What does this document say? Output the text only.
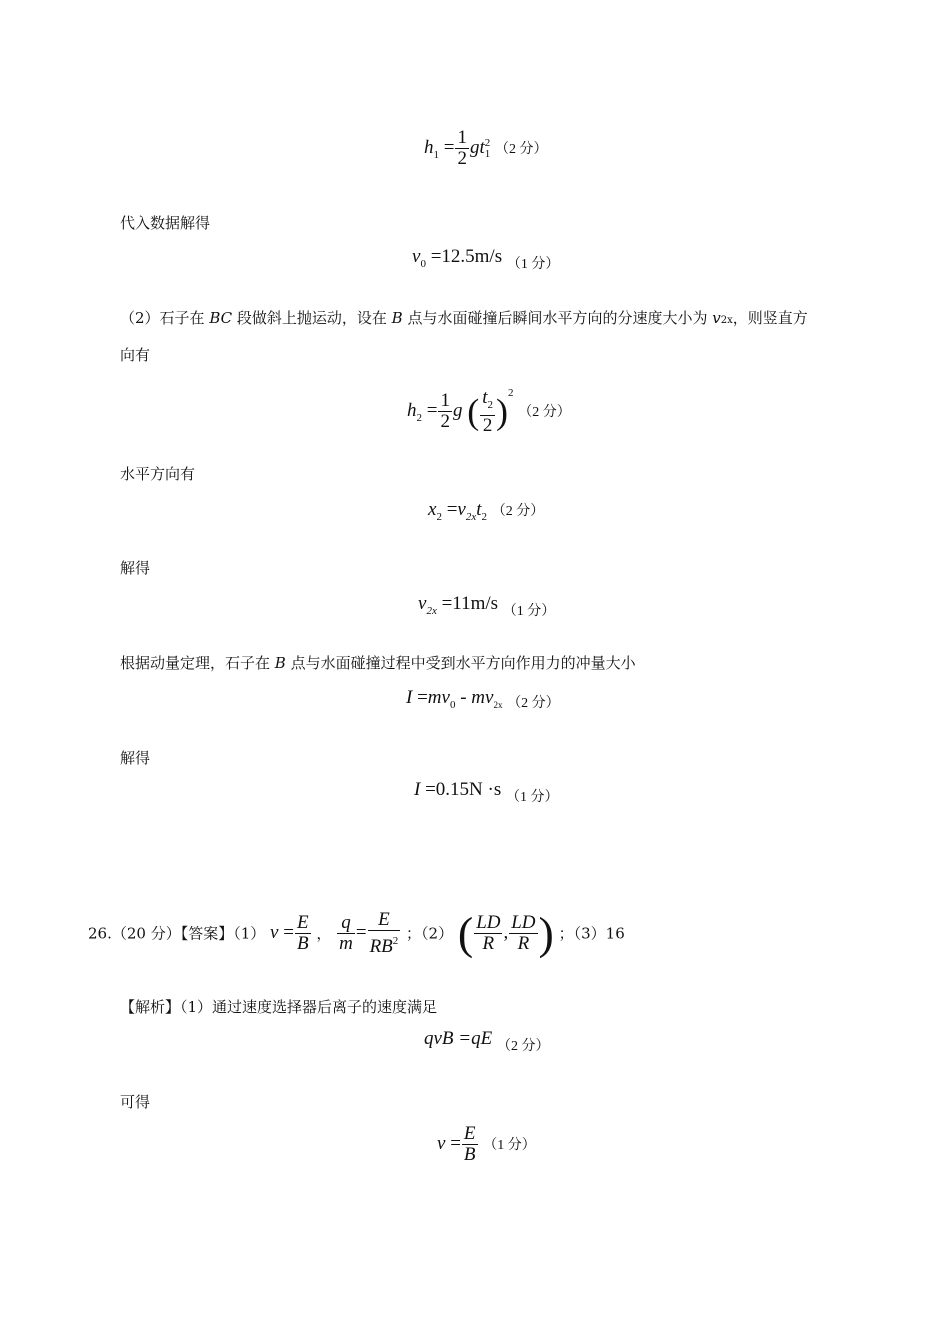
$h_1 = \frac{1}{2}$ gt 2
1 （2 分）
代入数据解得
$v_0 =12.5m/s$ $_{(1 分)}$
（2）石子在 BC 段做斜上抛运动，设在 B 点与水面碰撞后瞬间水平方向的分速度大小为 v2x，则竖直方
向有
$h_2 = \frac{1}{2}$ g ( $\frac{t_2}{2} )^2$ （2 分）
水平方向有
$x_2 =v_{2x}t_2$ （2 分）
解得
$v_{2x} =11m/s$ $_{(1 分)}$
根据动量定理，石子在 B 点与水面碰撞过程中受到水平方向作用力的冲量大小
$I =mv_0 - mv_{2x}$ $_{(2 分)}$
解得
I =0.15N ·s $_{(1 分)}$
26.（20 分）【答案】（1） $v = \frac{E}{B}$ ， $\frac{q}{m} = \frac{E}{RB^2}$ ；（2） ( $\frac{LD}{R}$ , $\frac{LD}{R}$ ) ；（3）16
【解析】（1）通过速度选择器后离子的速度满足
qvB =qE $_{(2 分)}$
可得
$v = \frac{E}{B} (1$ 分）
